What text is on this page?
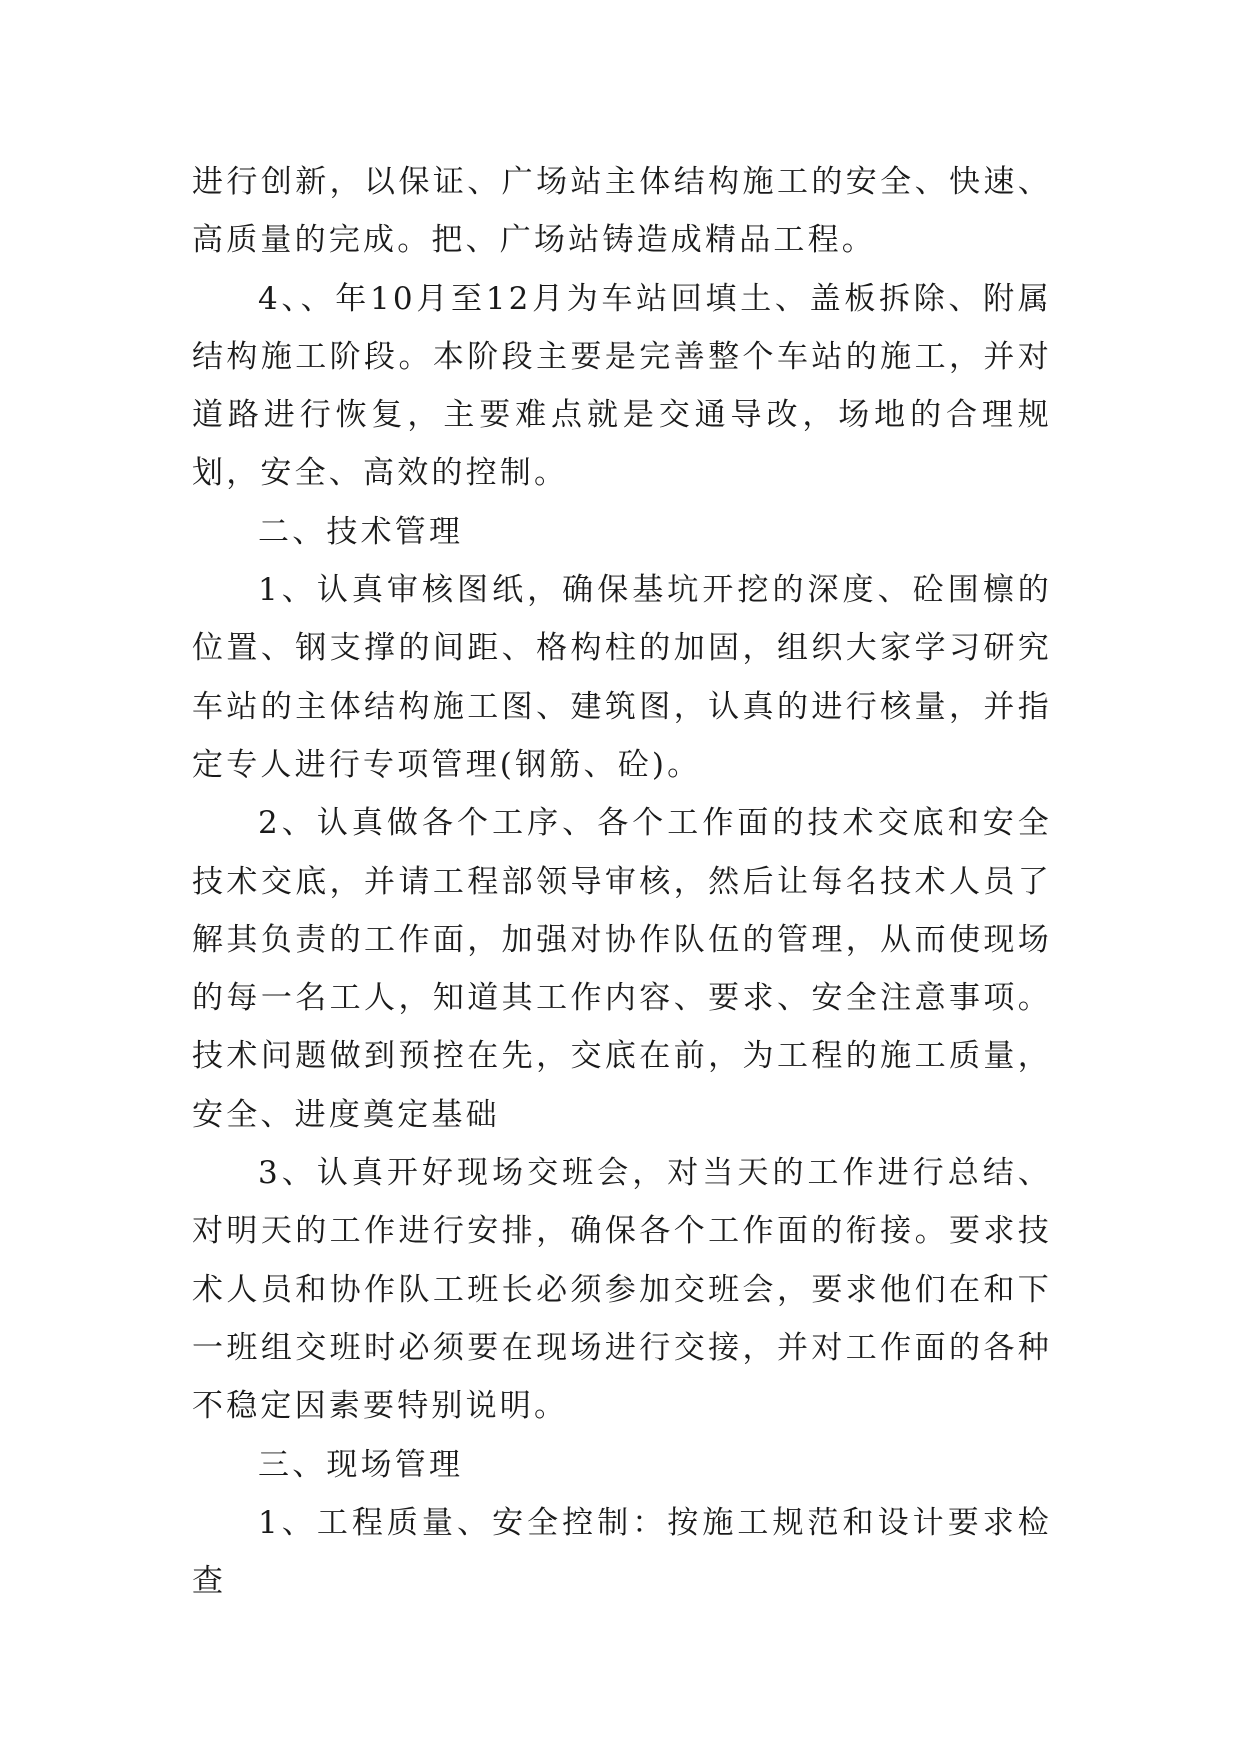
进行创新，以保证、广场站主体结构施工的安全、快速、高质量的完成。把、广场站铸造成精品工程。

4、、年10月至12月为车站回填土、盖板拆除、附属结构施工阶段。本阶段主要是完善整个车站的施工，并对道路进行恢复，主要难点就是交通导改，场地的合理规划，安全、高效的控制。

二、技术管理

1、认真审核图纸，确保基坑开挖的深度、砼围檩的位置、钢支撑的间距、格构柱的加固，组织大家学习研究车站的主体结构施工图、建筑图，认真的进行核量，并指定专人进行专项管理(钢筋、砼)。

2、认真做各个工序、各个工作面的技术交底和安全技术交底，并请工程部领导审核，然后让每名技术人员了解其负责的工作面，加强对协作队伍的管理，从而使现场的每一名工人，知道其工作内容、要求、安全注意事项。技术问题做到预控在先，交底在前，为工程的施工质量，安全、进度奠定基础

3、认真开好现场交班会，对当天的工作进行总结、对明天的工作进行安排，确保各个工作面的衔接。要求技术人员和协作队工班长必须参加交班会，要求他们在和下一班组交班时必须要在现场进行交接，并对工作面的各种不稳定因素要特别说明。

三、现场管理

1、工程质量、安全控制：按施工规范和设计要求检查
